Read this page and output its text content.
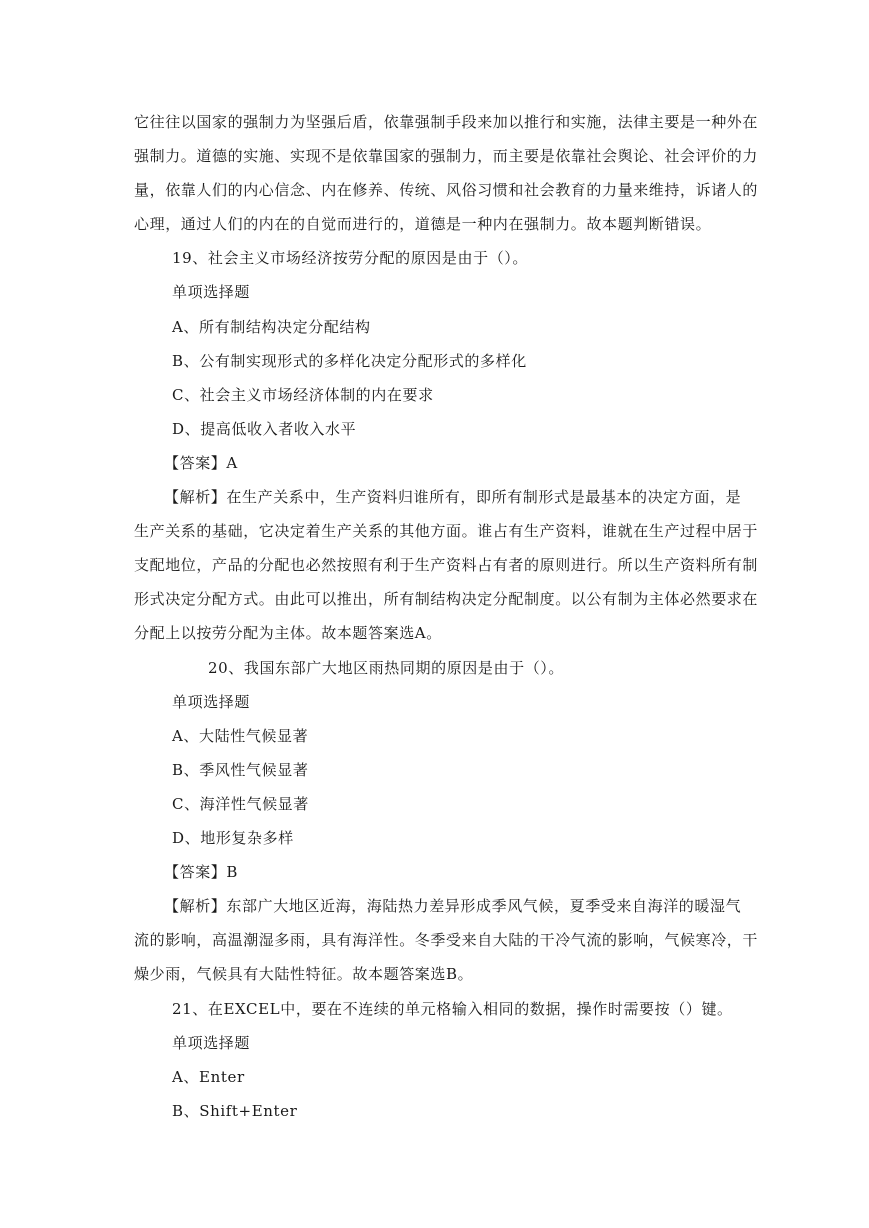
它往往以国家的强制力为坚强后盾，依靠强制手段来加以推行和实施，法律主要是一种外在
强制力。道德的实施、实现不是依靠国家的强制力，而主要是依靠社会舆论、社会评价的力
量，依靠人们的内心信念、内在修养、传统、风俗习惯和社会教育的力量来维持，诉诸人的
心理，通过人们的内在的自觉而进行的，道德是一种内在强制力。故本题判断错误。
19、社会主义市场经济按劳分配的原因是由于（）。
单项选择题
A、所有制结构决定分配结构
B、公有制实现形式的多样化决定分配形式的多样化
C、社会主义市场经济体制的内在要求
D、提高低收入者收入水平
【答案】A
【解析】在生产关系中，生产资料归谁所有，即所有制形式是最基本的决定方面，是
生产关系的基础，它决定着生产关系的其他方面。谁占有生产资料，谁就在生产过程中居于
支配地位，产品的分配也必然按照有利于生产资料占有者的原则进行。所以生产资料所有制
形式决定分配方式。由此可以推出，所有制结构决定分配制度。以公有制为主体必然要求在
分配上以按劳分配为主体。故本题答案选A。
20、我国东部广大地区雨热同期的原因是由于（）。
单项选择题
A、大陆性气候显著
B、季风性气候显著
C、海洋性气候显著
D、地形复杂多样
【答案】B
【解析】东部广大地区近海，海陆热力差异形成季风气候，夏季受来自海洋的暖湿气
流的影响，高温潮湿多雨，具有海洋性。冬季受来自大陆的干冷气流的影响，气候寒冷，干
燥少雨，气候具有大陆性特征。故本题答案选B。
21、在EXCEL中，要在不连续的单元格输入相同的数据，操作时需要按（）键。
单项选择题
A、Enter
B、Shift+Enter
